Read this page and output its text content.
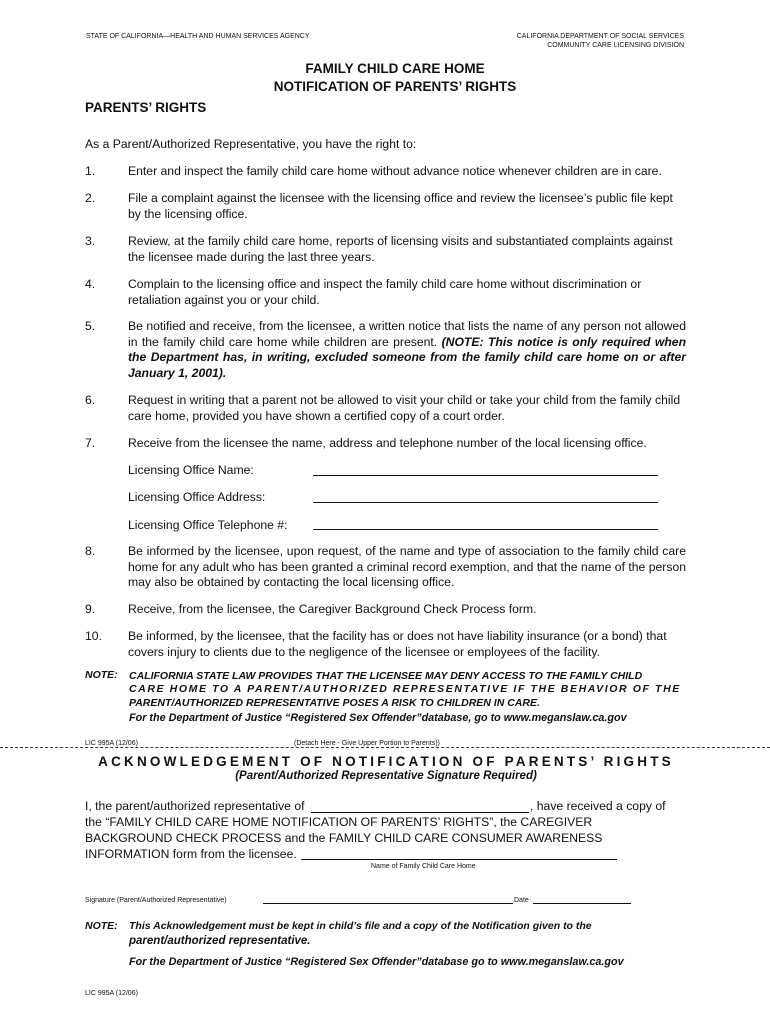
STATE OF CALIFORNIA—HEALTH AND HUMAN SERVICES AGENCY	CALIFORNIA DEPARTMENT OF SOCIAL SERVICES
COMMUNITY CARE LICENSING DIVISION
FAMILY CHILD CARE HOME
NOTIFICATION OF PARENTS’ RIGHTS
PARENTS’ RIGHTS
As a Parent/Authorized Representative, you have the right to:
1.	Enter and inspect the family child care home without advance notice whenever children are in care.
2.	File a complaint against the licensee with the licensing office and review the licensee’s public file kept by the licensing office.
3.	Review, at the family child care home, reports of licensing visits and substantiated complaints against the licensee made during the last three years.
4.	Complain to the licensing office and inspect the family child care home without discrimination or retaliation against you or your child.
5.	Be notified and receive, from the licensee, a written notice that lists the name of any person not allowed in the family child care home while children are present. (NOTE: This notice is only required when the Department has, in writing, excluded someone from the family child care home on or after January 1, 2001).
6.	Request in writing that a parent not be allowed to visit your child or take your child from the family child care home, provided you have shown a certified copy of a court order.
7.	Receive from the licensee the name, address and telephone number of the local licensing office.
Licensing Office Name:
Licensing Office Address:
Licensing Office Telephone #:
8.	Be informed by the licensee, upon request, of the name and type of association to the family child care home for any adult who has been granted a criminal record exemption, and that the name of the person may also be obtained by contacting the local licensing office.
9.	Receive, from the licensee, the Caregiver Background Check Process form.
10. Be informed, by the licensee, that the facility has or does not have liability insurance (or a bond) that covers injury to clients due to the negligence of the licensee or employees of the facility.
NOTE: CALIFORNIA STATE LAW PROVIDES THAT THE LICENSEE MAY DENY ACCESS TO THE FAMILY CHILD
CARE HOME TO A PARENT/AUTHORIZED REPRESENTATIVE IF THE BEHAVIOR OF THE
PARENT/AUTHORIZED REPRESENTATIVE POSES A RISK TO CHILDREN IN CARE.
For the Department of Justice “Registered Sex Offender”database, go to www.meganslaw.ca.gov
LIC 995A (12/06)	(Detach Here - Give Upper Portion to Parents))
ACKNOWLEDGEMENT OF NOTIFICATION OF PARENTS’ RIGHTS
(Parent/Authorized Representative Signature Required)
I, the parent/authorized representative of	, have received a copy of
the “FAMILY CHILD CARE HOME NOTIFICATION OF PARENTS’ RIGHTS”, the CAREGIVER
BACKGROUND CHECK PROCESS and the FAMILY CHILD CARE CONSUMER AWARENESS
INFORMATION form from the licensee.
Name of Family Child Care Home
Signature (Parent/Authorized Representative)	Date
NOTE: This Acknowledgement must be kept in child’s file and a copy of the Notification given to the
parent/authorized representative.
For the Department of Justice “Registered Sex Offender”database go to www.meganslaw.ca.gov
LIC 995A (12/06)
